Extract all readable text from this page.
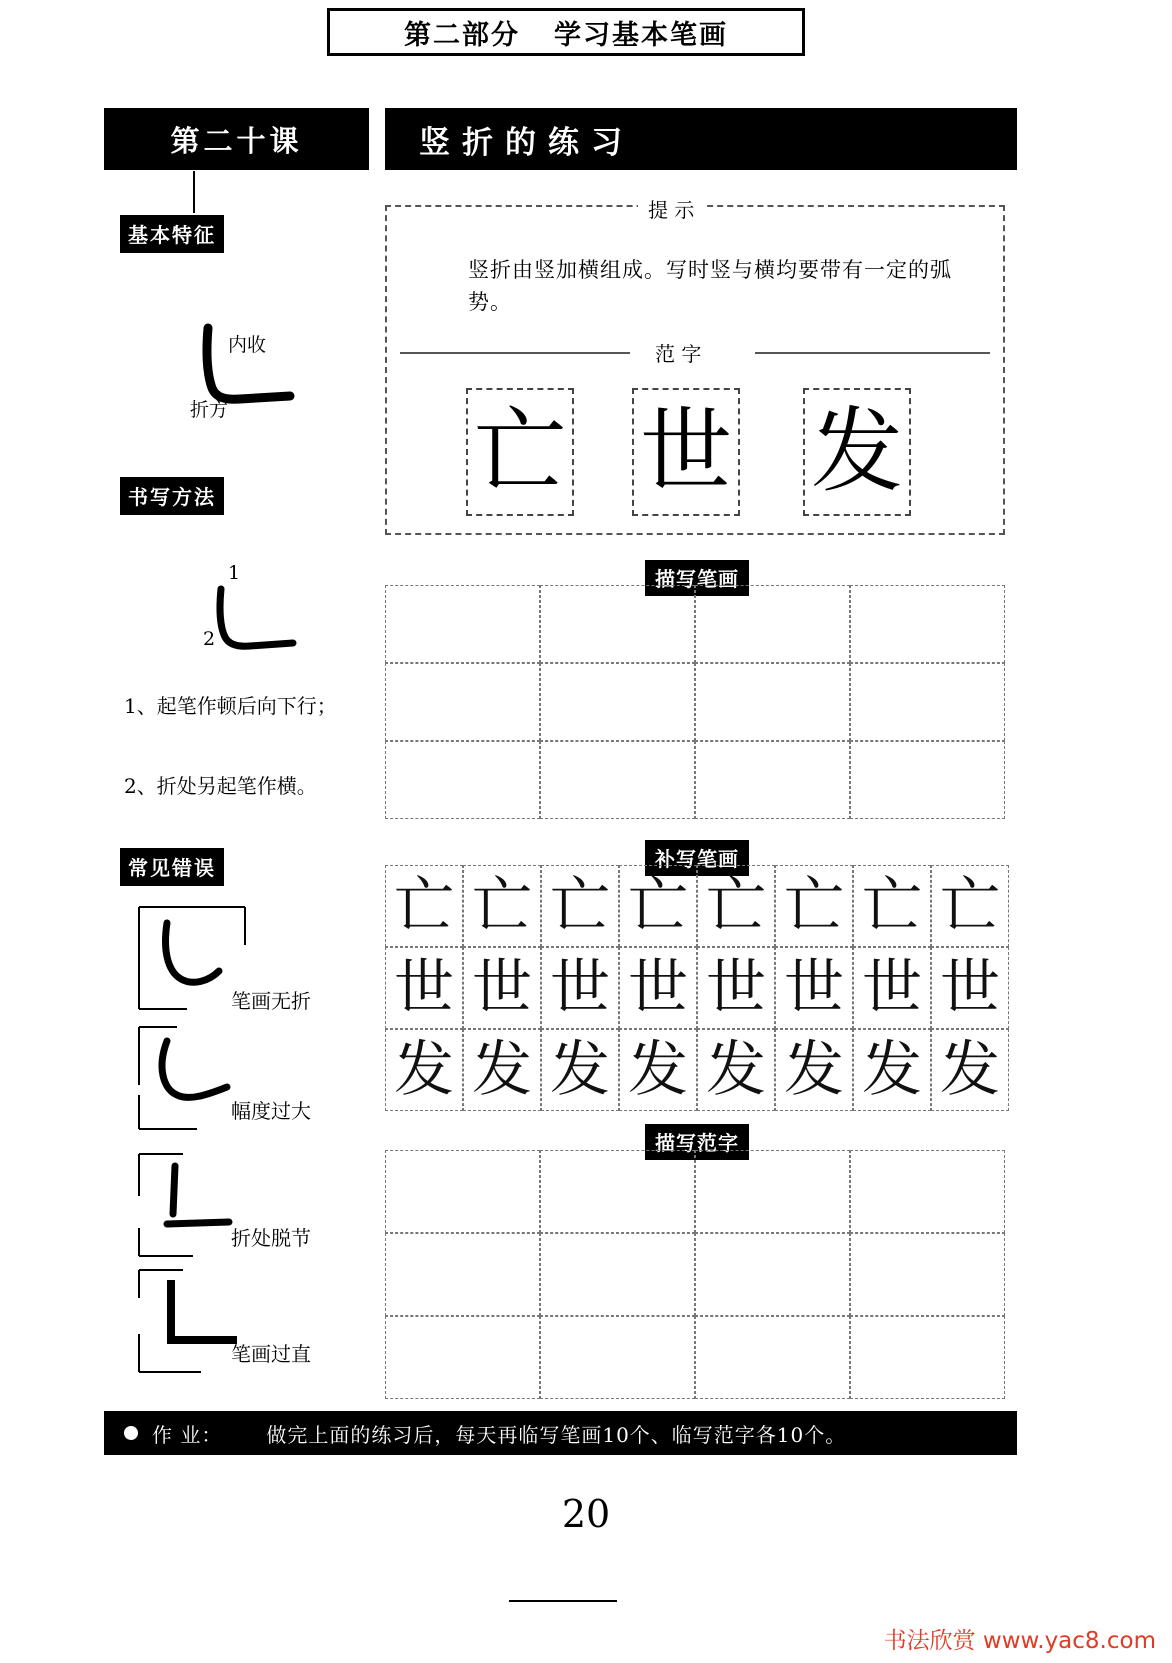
第二部分 学习基本笔画
第二十课	竖折的练习
基本特征
内收
折方
书写方法
1
2
1、起笔作顿后向下行；
2、折处另起笔作横。
常见错误
笔画无折
幅度过大
折处脱节
笔画过直
提 示
竖折由竖加横组成。写时竖与横均要带有一定的弧势。
范 字
亡 世 发
描写笔画
补写笔画
亡 亡 亡 亡 亡 亡 亡 亡
世 世 世 世 世 世 世 世
发 发 发 发 发 发 发 发
描写范字
作 业： 做完上面的练习后，每天再临写笔画10个、临写范字各10个。
20
书法欣赏 www.yac8.com
